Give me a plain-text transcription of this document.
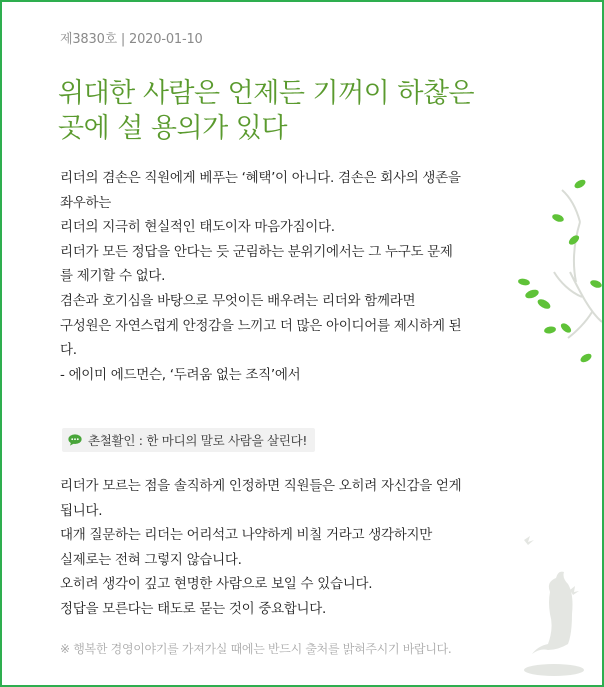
제3830호 | 2020-01-10
위대한 사람은 언제든 기꺼이 하찮은
곳에 설 용의가 있다
리더의 겸손은 직원에게 베푸는 ‘혜택’이 아니다. 겸손은 회사의 생존을
좌우하는
리더의 지극히 현실적인 태도이자 마음가짐이다.
리더가 모든 정답을 안다는 듯 군림하는 분위기에서는 그 누구도 문제
를 제기할 수 없다.
겸손과 호기심을 바탕으로 무엇이든 배우려는 리더와 함께라면
구성원은 자연스럽게 안정감을 느끼고 더 많은 아이디어를 제시하게 된
다.
- 에이미 에드먼슨, ‘두려움 없는 조직’에서
촌철활인 : 한 마디의 말로 사람을 살린다!
리더가 모르는 점을 솔직하게 인정하면 직원들은 오히려 자신감을 얻게
됩니다.
대개 질문하는 리더는 어리석고 나약하게 비칠 거라고 생각하지만
실제로는 전혀 그렇지 않습니다.
오히려 생각이 깊고 현명한 사람으로 보일 수 있습니다.
정답을 모른다는 태도로 묻는 것이 중요합니다.
※ 행복한 경영이야기를 가져가실 때에는 반드시 출처를 밝혀주시기 바랍니다.
